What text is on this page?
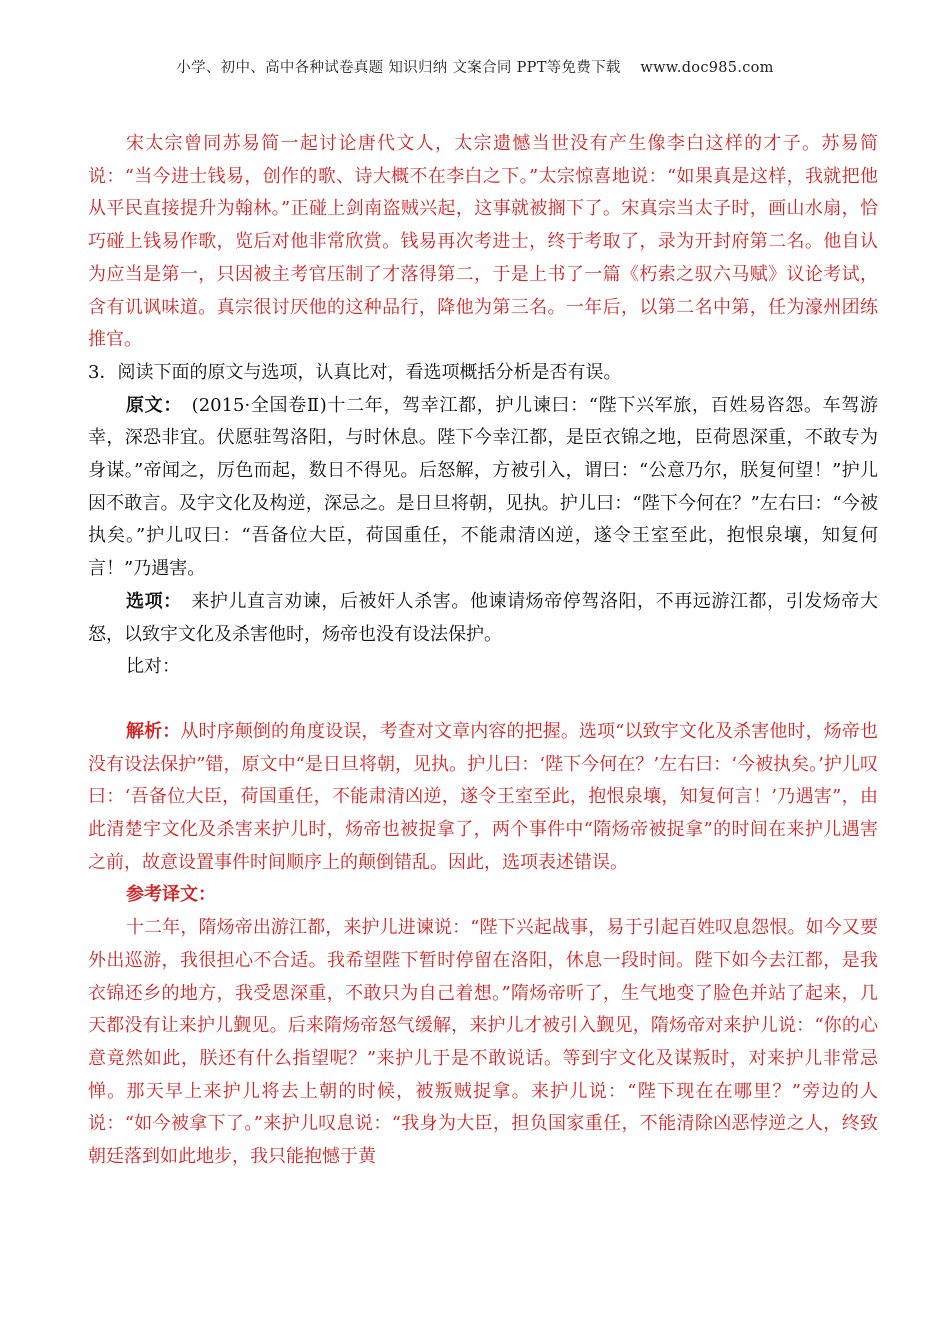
小学、初中、高中各种试卷真题 知识归纳 文案合同 PPT等免费下载　 www.doc985.com

宋太宗曾同苏易简一起讨论唐代文人，太宗遗憾当世没有产生像李白这样的才子。苏易简说：“当今进士钱易，创作的歌、诗大概不在李白之下。”太宗惊喜地说：“如果真是这样，我就把他从平民直接提升为翰林。”正碰上剑南盗贼兴起，这事就被搁下了。宋真宗当太子时，画山水扇，恰巧碰上钱易作歌，览后对他非常欣赏。钱易再次考进士，终于考取了，录为开封府第二名。他自认为应当是第一，只因被主考官压制了才落得第二，于是上书了一篇《朽索之驭六马赋》议论考试，含有讥讽味道。真宗很讨厌他的这种品行，降他为第三名。一年后，以第二名中第，任为濠州团练推官。

3．阅读下面的原文与选项，认真比对，看选项概括分析是否有误。

原文：　 (2015·全国卷Ⅱ)十二年，驾幸江都，护儿谏曰：“陛下兴军旅，百姓易咨怨。车驾游幸，深恐非宜。伏愿驻驾洛阳，与时休息。陛下今幸江都，是臣衣锦之地，臣荷恩深重，不敢专为身谋。”帝闻之，厉色而起，数日不得见。后怒解，方被引入，谓曰：“公意乃尔，朕复何望！”护儿因不敢言。及宇文化及构逆，深忌之。是日旦将朝，见执。护儿曰：“陛下今何在？”左右曰：“今被执矣。”护儿叹曰：“吾备位大臣，荷国重任，不能肃清凶逆，遂令王室至此，抱恨泉壤，知复何言！”乃遇害。

选项：　 来护儿直言劝谏，后被奸人杀害。他谏请炀帝停驾洛阳，不再远游江都，引发炀帝大怒，以致宇文化及杀害他时，炀帝也没有设法保护。

比对：

解析：从时序颠倒的角度设误，考查对文章内容的把握。选项“以致宇文化及杀害他时，炀帝也没有设法保护”错，原文中“是日旦将朝，见执。护儿曰：‘陛下今何在？’左右曰：‘今被执矣。’护儿叹曰：‘吾备位大臣，荷国重任，不能肃清凶逆，遂令王室至此，抱恨泉壤，知复何言！’乃遇害”，由此清楚宇文化及杀害来护儿时，炀帝也被捉拿了，两个事件中“隋炀帝被捉拿”的时间在来护儿遇害之前，故意设置事件时间顺序上的颠倒错乱。因此，选项表述错误。

参考译文：

十二年，隋炀帝出游江都，来护儿进谏说：“陛下兴起战事，易于引起百姓叹息怨恨。如今又要外出巡游，我很担心不合适。我希望陛下暂时停留在洛阳，休息一段时间。陛下如今去江都，是我衣锦还乡的地方，我受恩深重，不敢只为自己着想。”隋炀帝听了，生气地变了脸色并站了起来，几天都没有让来护儿觐见。后来隋炀帝怒气缓解，来护儿才被引入觐见，隋炀帝对来护儿说：“你的心意竟然如此，朕还有什么指望呢？”来护儿于是不敢说话。等到宇文化及谋叛时，对来护儿非常忌惮。那天早上来护儿将去上朝的时候，被叛贼捉拿。来护儿说：“陛下现在在哪里？”旁边的人说：“如今被拿下了。”来护儿叹息说：“我身为大臣，担负国家重任，不能清除凶恶悖逆之人，终致朝廷落到如此地步，我只能抱憾于黄
